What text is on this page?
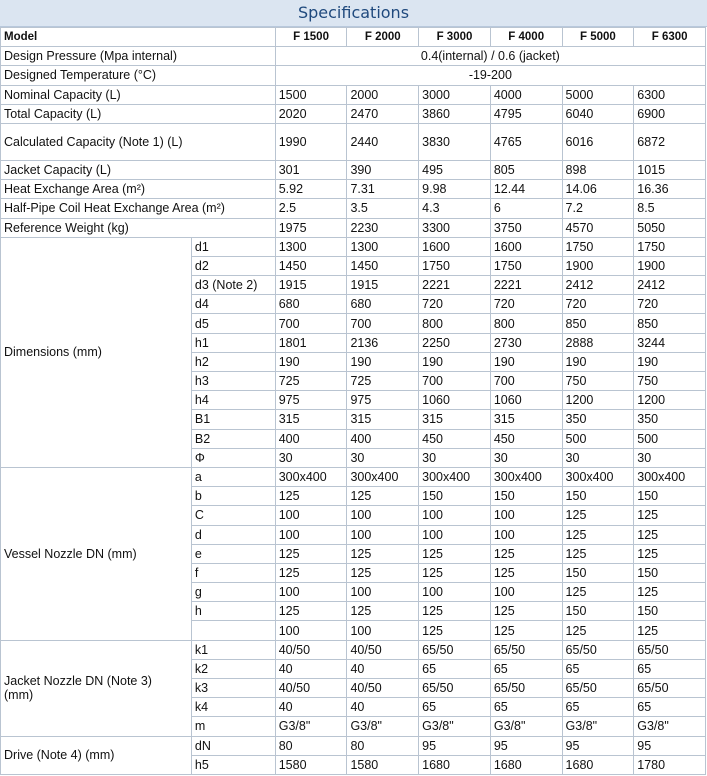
Specifications
Model		F 1500	F 2000	F 3000	F 4000	F 5000	F 6300
Design Pressure (Mpa internal)		0.4(internal) / 0.6 (jacket)					
Designed Temperature (°C)		-19-200					
Nominal Capacity (L)		1500	2000	3000	4000	5000	6300
Total Capacity (L)		2020	2470	3860	4795	6040	6900
Calculated Capacity (Note 1) (L)		1990	2440	3830	4765	6016	6872
Jacket Capacity (L)		301	390	495	805	898	1015
Heat Exchange Area (m²)		5.92	7.31	9.98	12.44	14.06	16.36
Half-Pipe Coil Heat Exchange Area (m²)		2.5	3.5	4.3	6	7.2	8.5
Reference Weight (kg)		1975	2230	3300	3750	4570	5050
Dimensions (mm)	d1	1300	1300	1600	1600	1750	1750
	d2	1450	1450	1750	1750	1900	1900
	d3 (Note 2)	1915	1915	2221	2221	2412	2412
	d4	680	680	720	720	720	720
	d5	700	700	800	800	850	850
	h1	1801	2136	2250	2730	2888	3244
	h2	190	190	190	190	190	190
	h3	725	725	700	700	750	750
	h4	975	975	1060	1060	1200	1200
	B1	315	315	315	315	350	350
	B2	400	400	450	450	500	500
	Φ	30	30	30	30	30	30
Vessel Nozzle DN (mm)	a	300x400	300x400	300x400	300x400	300x400	300x400
	b	125	125	150	150	150	150
	C	100	100	100	100	125	125
	d	100	100	100	100	125	125
	e	125	125	125	125	125	125
	f	125	125	125	125	150	150
	g	100	100	100	100	125	125
	h	125	125	125	125	150	150
		100	100	125	125	125	125
Jacket Nozzle DN (Note 3)
(mm)	k1	40/50	40/50	65/50	65/50	65/50	65/50
	k2	40	40	65	65	65	65
	k3	40/50	40/50	65/50	65/50	65/50	65/50
	k4	40	40	65	65	65	65
	m	G3/8"	G3/8"	G3/8"	G3/8"	G3/8"	G3/8"
Drive (Note 4) (mm)	dN	80	80	95	95	95	95
	h5	1580	1580	1680	1680	1680	1780
